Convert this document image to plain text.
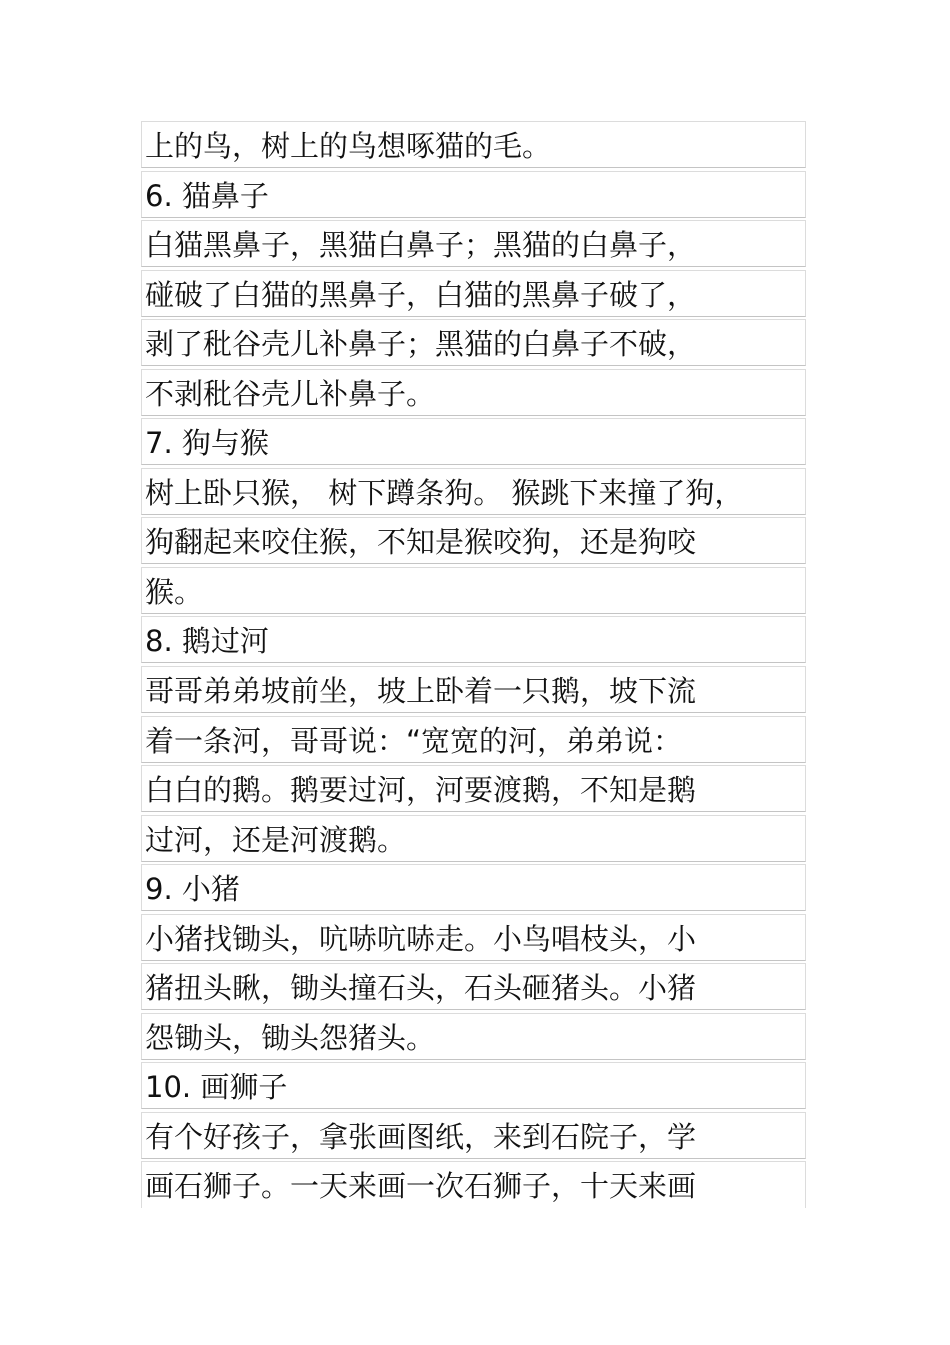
上的鸟，树上的鸟想啄猫的毛。
6. 猫鼻子
白猫黑鼻子，黑猫白鼻子；黑猫的白鼻子，
碰破了白猫的黑鼻子，白猫的黑鼻子破了，
剥了秕谷壳儿补鼻子；黑猫的白鼻子不破，
不剥秕谷壳儿补鼻子。
7. 狗与猴
树上卧只猴， 树下蹲条狗。 猴跳下来撞了狗，
狗翻起来咬住猴，不知是猴咬狗，还是狗咬
猴。
8. 鹅过河
哥哥弟弟坡前坐，坡上卧着一只鹅，坡下流
着一条河，哥哥说：“宽宽的河，弟弟说：
白白的鹅。鹅要过河，河要渡鹅，不知是鹅
过河，还是河渡鹅。
9. 小猪
小猪找锄头，吭哧吭哧走。小鸟唱枝头，小
猪扭头瞅，锄头撞石头，石头砸猪头。小猪
怨锄头，锄头怨猪头。
10. 画狮子
有个好孩子，拿张画图纸，来到石院子，学
画石狮子。一天来画一次石狮子，十天来画
